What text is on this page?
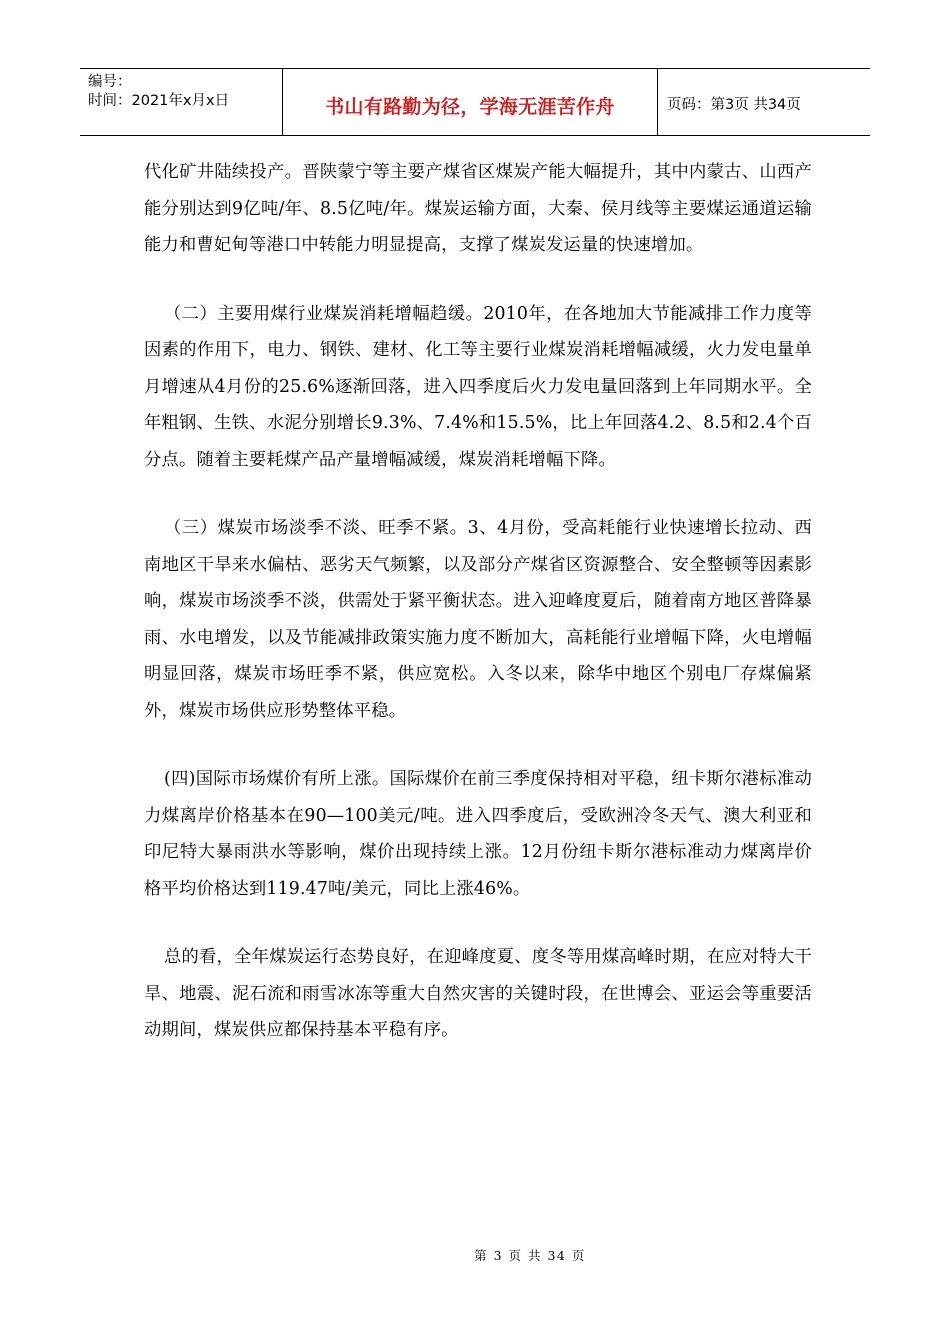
编号：
时间：2021年x月x日	书山有路勤为径，学海无涯苦作舟	页码：第3页 共34页

代化矿井陆续投产。晋陕蒙宁等主要产煤省区煤炭产能大幅提升，其中内蒙古、山西产能分别达到9亿吨/年、8.5亿吨/年。煤炭运输方面，大秦、侯月线等主要煤运通道运输能力和曹妃甸等港口中转能力明显提高，支撑了煤炭发运量的快速增加。

（二）主要用煤行业煤炭消耗增幅趋缓。2010年，在各地加大节能减排工作力度等因素的作用下，电力、钢铁、建材、化工等主要行业煤炭消耗增幅减缓，火力发电量单月增速从4月份的25.6%逐渐回落，进入四季度后火力发电量回落到上年同期水平。全年粗钢、生铁、水泥分别增长9.3%、7.4%和15.5%，比上年回落4.2、8.5和2.4个百分点。随着主要耗煤产品产量增幅减缓，煤炭消耗增幅下降。

（三）煤炭市场淡季不淡、旺季不紧。3、4月份，受高耗能行业快速增长拉动、西南地区干旱来水偏枯、恶劣天气频繁，以及部分产煤省区资源整合、安全整顿等因素影响，煤炭市场淡季不淡，供需处于紧平衡状态。进入迎峰度夏后，随着南方地区普降暴雨、水电增发，以及节能减排政策实施力度不断加大，高耗能行业增幅下降，火电增幅明显回落，煤炭市场旺季不紧，供应宽松。入冬以来，除华中地区个别电厂存煤偏紧外，煤炭市场供应形势整体平稳。

(四)国际市场煤价有所上涨。国际煤价在前三季度保持相对平稳，纽卡斯尔港标准动力煤离岸价格基本在90—100美元/吨。进入四季度后，受欧洲冷冬天气、澳大利亚和印尼特大暴雨洪水等影响，煤价出现持续上涨。12月份纽卡斯尔港标准动力煤离岸价格平均价格达到119.47吨/美元，同比上涨46%。

总的看，全年煤炭运行态势良好，在迎峰度夏、度冬等用煤高峰时期，在应对特大干旱、地震、泥石流和雨雪冰冻等重大自然灾害的关键时段，在世博会、亚运会等重要活动期间，煤炭供应都保持基本平稳有序。

第 3 页 共 34 页
